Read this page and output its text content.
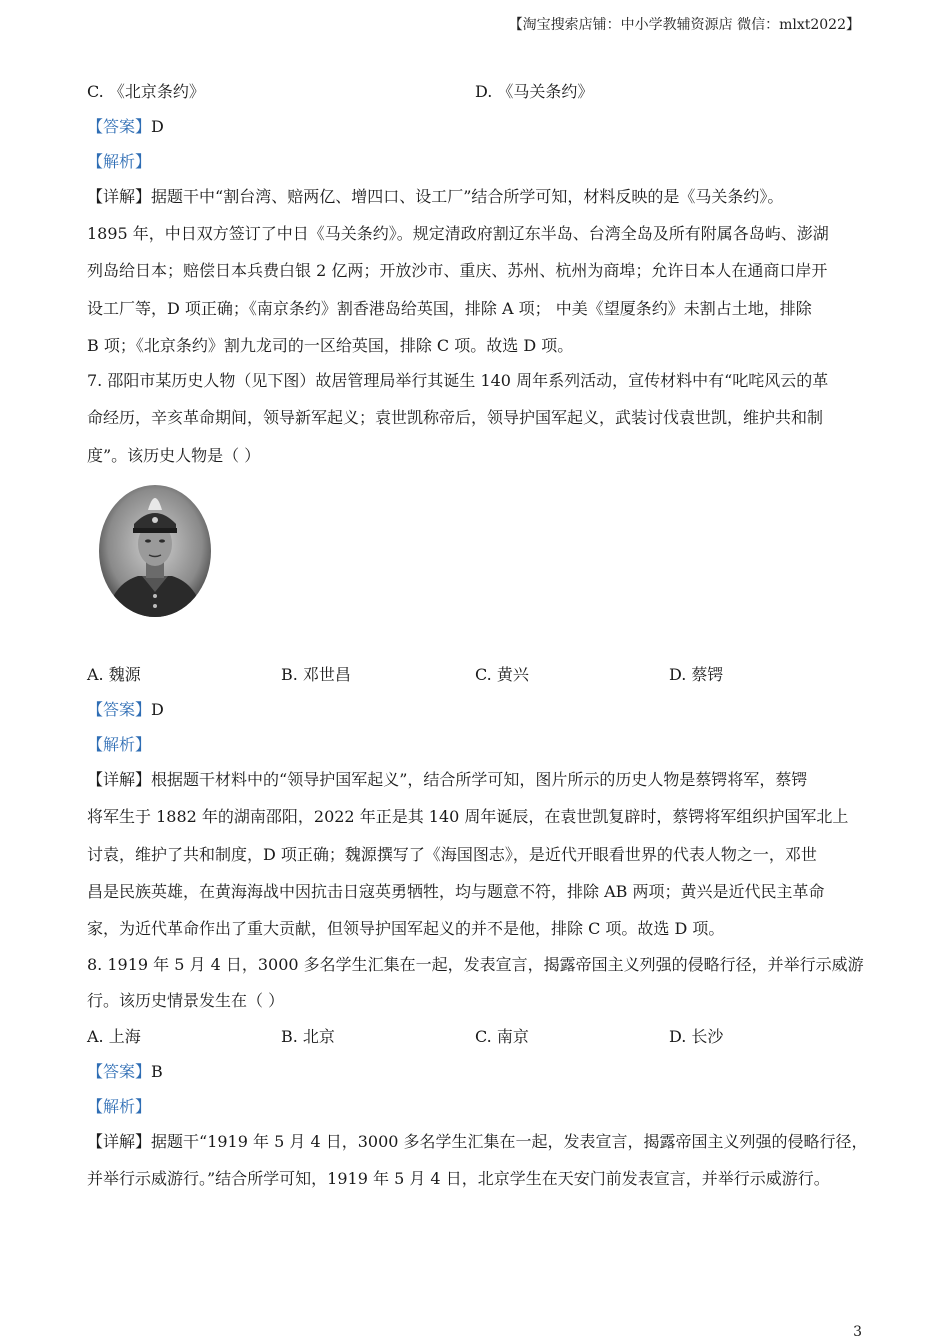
【淘宝搜索店铺：中小学教辅资源店 微信：mlxt2022】
C. 《北京条约》	D. 《马关条约》
【答案】D
【解析】
【详解】据题干中“割台湾、赔两亿、增四口、设工厂”结合所学可知，材料反映的是《马关条约》。
1895 年，中日双方签订了中日《马关条约》。规定清政府割辽东半岛、台湾全岛及所有附属各岛屿、澎湖
列岛给日本；赔偿日本兵费白银 2 亿两；开放沙市、重庆、苏州、杭州为商埠；允许日本人在通商口岸开
设工厂等，D 项正确；《南京条约》割香港岛给英国，排除 A 项； 中美《望厦条约》未割占土地，排除
B 项；《北京条约》割九龙司的一区给英国，排除 C 项。故选 D 项。
7. 邵阳市某历史人物（见下图）故居管理局举行其诞生 140 周年系列活动，宣传材料中有“叱咤风云的革
命经历，辛亥革命期间，领导新军起义；袁世凯称帝后，领导护国军起义，武装讨伐袁世凯，维护共和制
度”。该历史人物是（ ）
A. 魏源	B. 邓世昌	C. 黄兴	D. 蔡锷
【答案】D
【解析】
【详解】根据题干材料中的“领导护国军起义”，结合所学可知，图片所示的历史人物是蔡锷将军，蔡锷
将军生于 1882 年的湖南邵阳，2022 年正是其 140 周年诞辰，在袁世凯复辟时，蔡锷将军组织护国军北上
讨袁，维护了共和制度，D 项正确；魏源撰写了《海国图志》，是近代开眼看世界的代表人物之一，邓世
昌是民族英雄，在黄海海战中因抗击日寇英勇牺牲，均与题意不符，排除 AB 两项；黄兴是近代民主革命
家，为近代革命作出了重大贡献，但领导护国军起义的并不是他，排除 C 项。故选 D 项。
8. 1919 年 5 月 4 日，3000 多名学生汇集在一起，发表宣言，揭露帝国主义列强的侵略行径，并举行示威游
行。该历史情景发生在（ ）
A. 上海	B. 北京	C. 南京	D. 长沙
【答案】B
【解析】
【详解】据题干“1919 年 5 月 4 日，3000 多名学生汇集在一起，发表宣言，揭露帝国主义列强的侵略行径，
并举行示威游行。”结合所学可知，1919 年 5 月 4 日，北京学生在天安门前发表宣言，并举行示威游行。
3
